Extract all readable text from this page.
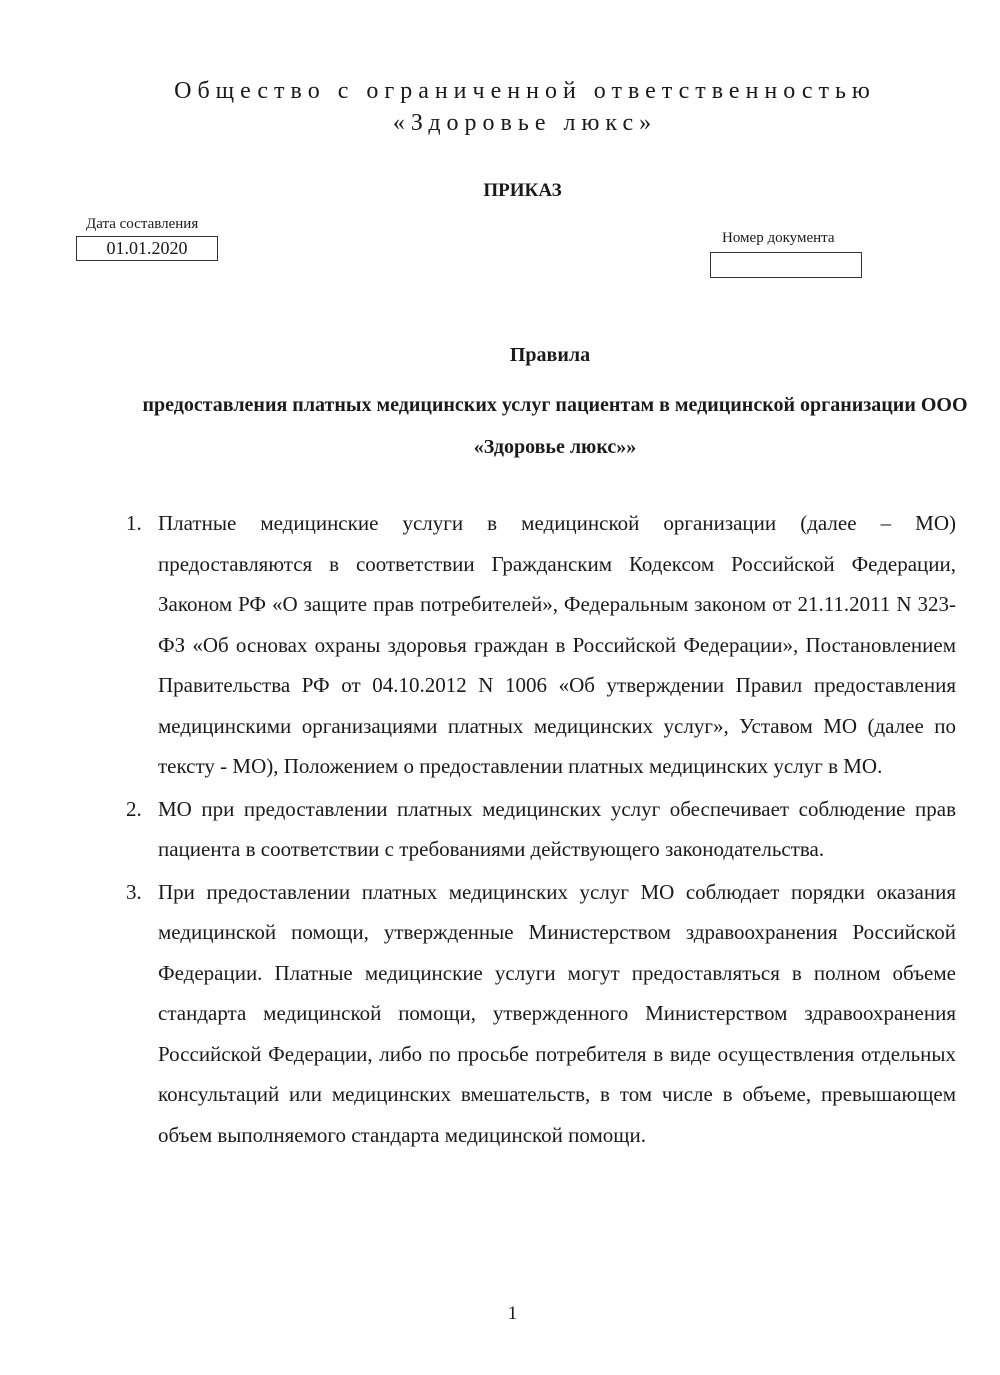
Общество с ограниченной ответственностью
«Здоровье люкс»
ПРИКАЗ
Дата составления
01.01.2020	Номер документа
Правила
предоставления платных медицинских услуг пациентам в медицинской организации ООО «Здоровье люкс»»
1. Платные медицинские услуги в медицинской организации (далее – МО) предоставляются в соответствии Гражданским Кодексом Российской Федерации, Законом РФ «О защите прав потребителей», Федеральным законом от 21.11.2011 N 323-ФЗ «Об основах охраны здоровья граждан в Российской Федерации», Постановлением Правительства РФ от 04.10.2012 N 1006 «Об утверждении Правил предоставления медицинскими организациями платных медицинских услуг», Уставом МО (далее по тексту - МО), Положением о предоставлении платных медицинских услуг в МО.
2. МО при предоставлении платных медицинских услуг обеспечивает соблюдение прав пациента в соответствии с требованиями действующего законодательства.
3. При предоставлении платных медицинских услуг МО соблюдает порядки оказания медицинской помощи, утвержденные Министерством здравоохранения Российской Федерации. Платные медицинские услуги могут предоставляться в полном объеме стандарта медицинской помощи, утвержденного Министерством здравоохранения Российской Федерации, либо по просьбе потребителя в виде осуществления отдельных консультаций или медицинских вмешательств, в том числе в объеме, превышающем объем выполняемого стандарта медицинской помощи.
1
